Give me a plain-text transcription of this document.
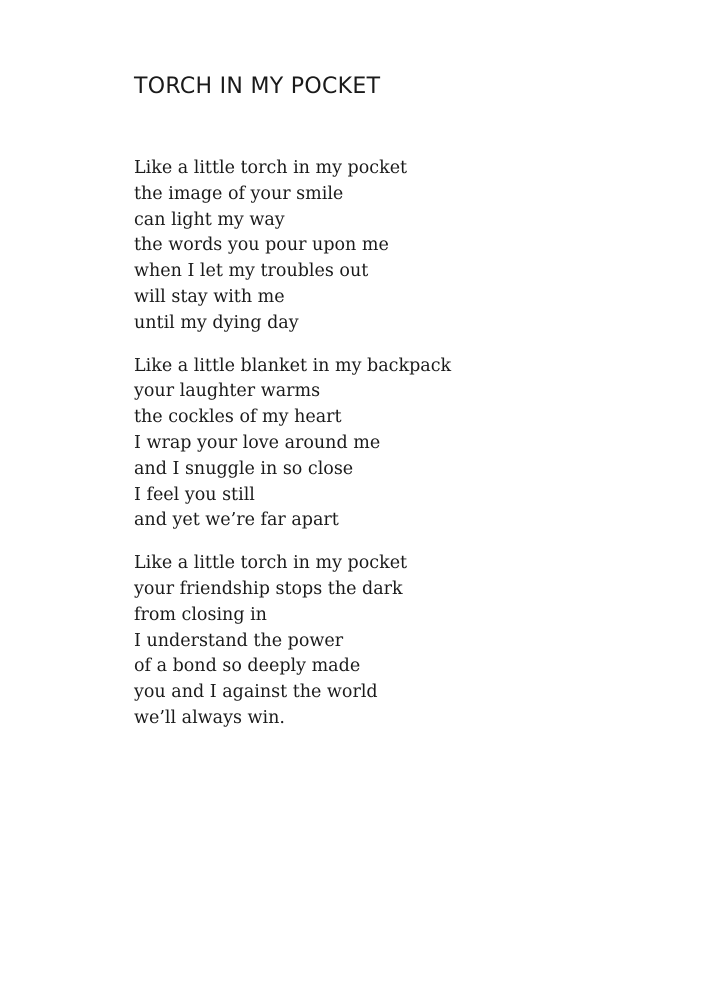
TORCH IN MY POCKET
Like a little torch in my pocket
the image of your smile
can light my way
the words you pour upon me
when I let my troubles out
will stay with me
until my dying day
Like a little blanket in my backpack
your laughter warms
the cockles of my heart
I wrap your love around me
and I snuggle in so close
I feel you still
and yet we’re far apart
Like a little torch in my pocket
your friendship stops the dark
from closing in
I understand the power
of a bond so deeply made
you and I against the world
we’ll always win.
